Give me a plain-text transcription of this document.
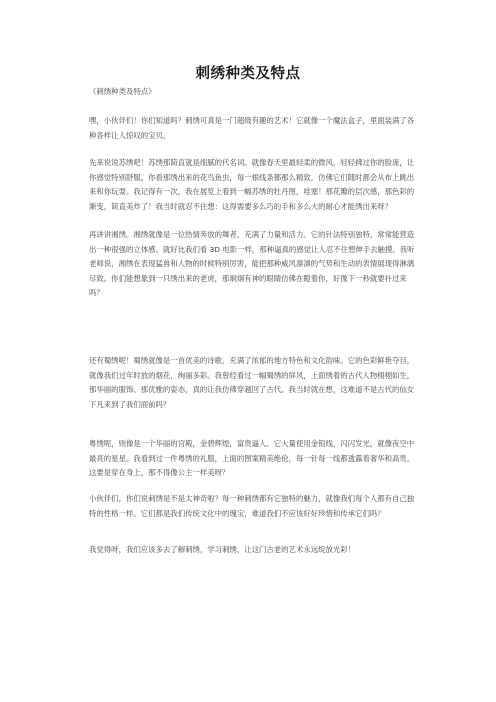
刺绣种类及特点
《刺绣种类及特点》

嘿，小伙伴们！你们知道吗？刺绣可真是一门超级有趣的艺术！它就像一个魔法盒子，里面装满了各种各样让人惊叹的宝贝。

先来说说苏绣吧！苏绣那简直就是细腻的代名词。就像春天里最轻柔的微风，轻轻拂过你的脸庞，让你感觉特别舒服。你看那绣出来的花鸟鱼虫，每一根线条都那么精致，仿佛它们随时都会从布上跳出来和你玩耍。我记得有一次，我在展览上看到一幅苏绣的牡丹图，哇塞！那花瓣的层次感，那色彩的渐变，简直美炸了！我当时就忍不住想：这得需要多么巧的手和多么大的耐心才能绣出来呀？

再讲讲湘绣。湘绣就像是一位热情奔放的舞者，充满了力量和活力。它的针法特别独特，常常能营造出一种很强的立体感。就好比我们看 3D 电影一样，那种逼真的感觉让人忍不住想伸手去触摸。我听老师说，湘绣在表现猛兽和人物的时候特别厉害，能把那种威风凛凛的气势和生动的表情展现得淋漓尽致。你们能想象到一只绣出来的老虎，那炯炯有神的眼睛仿佛在瞪着你，好像下一秒就要扑过来吗？

还有蜀绣呢！蜀绣就像是一首优美的诗歌，充满了浓郁的地方特色和文化韵味。它的色彩鲜艳夺目，就像我们过年时放的烟花，绚丽多彩。我曾经看过一幅蜀绣的屏风，上面绣着的古代人物栩栩如生，那华丽的服饰、那优雅的姿态，真的让我仿佛穿越回了古代。我当时就在想，这难道不是古代的仙女下凡来到了我们面前吗？

粤绣呢，则像是一个华丽的宫殿，金碧辉煌，富贵逼人。它大量使用金银线，闪闪发光，就像夜空中最亮的星星。我看到过一件粤绣的礼服，上面的图案精美绝伦，每一针每一线都透露着奢华和高贵。这要是穿在身上，那不得像公主一样美呀？

小伙伴们，你们说刺绣是不是太神奇啦？每一种刺绣都有它独特的魅力，就像我们每个人都有自己独特的性格一样。它们都是我们传统文化中的瑰宝，难道我们不应该好好珍惜和传承它们吗？

我觉得呀，我们应该多去了解刺绣，学习刺绣，让这门古老的艺术永远绽放光彩！
